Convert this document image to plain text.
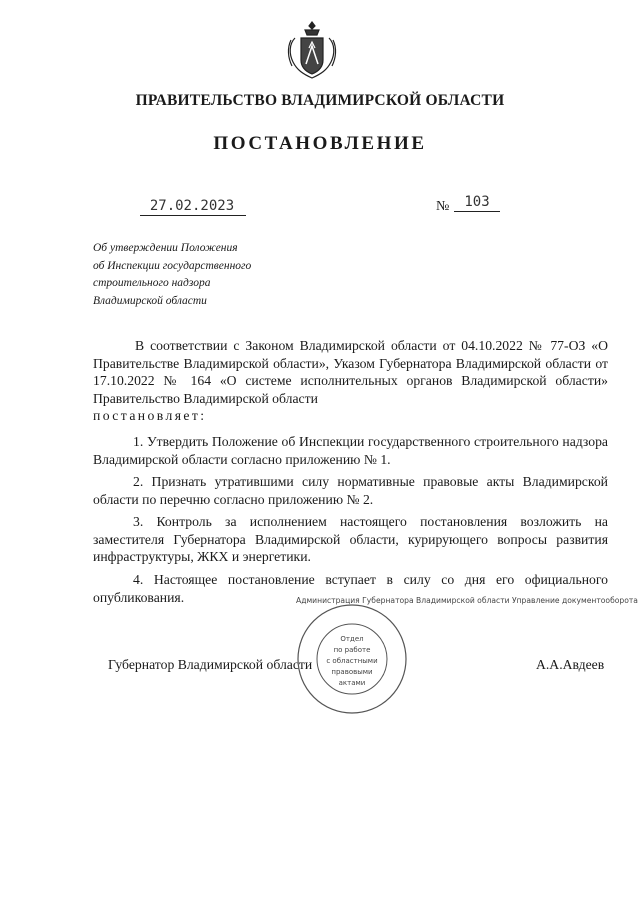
ПРАВИТЕЛЬСТВО ВЛАДИМИРСКОЙ ОБЛАСТИ
ПОСТАНОВЛЕНИЕ
27.02.2023	№	103
Об утверждении Положения
об Инспекции государственного
строительного надзора
Владимирской области
В соответствии с Законом Владимирской области от 04.10.2022 № 77-ОЗ «О Правительстве Владимирской области», Указом Губернатора Владимирской области от 17.10.2022 № 164 «О системе исполнительных органов Владимирской области» Правительство Владимирской области
постановляет:
1. Утвердить Положение об Инспекции государственного строительного надзора Владимирской области согласно приложению № 1.
2. Признать утратившими силу нормативные правовые акты Владимирской области по перечню согласно приложению № 2.
3. Контроль за исполнением настоящего постановления возложить на заместителя Губернатора Владимирской области, курирующего вопросы развития инфраструктуры, ЖКХ и энергетики.
4. Настоящее постановление вступает в силу со дня его официального опубликования.
Губернатор Владимирской области	А.А.Авдеев
Администрация Губернатора Владимирской области Управление документооборота
Отдел
по работе
с областными
правовыми
актами
